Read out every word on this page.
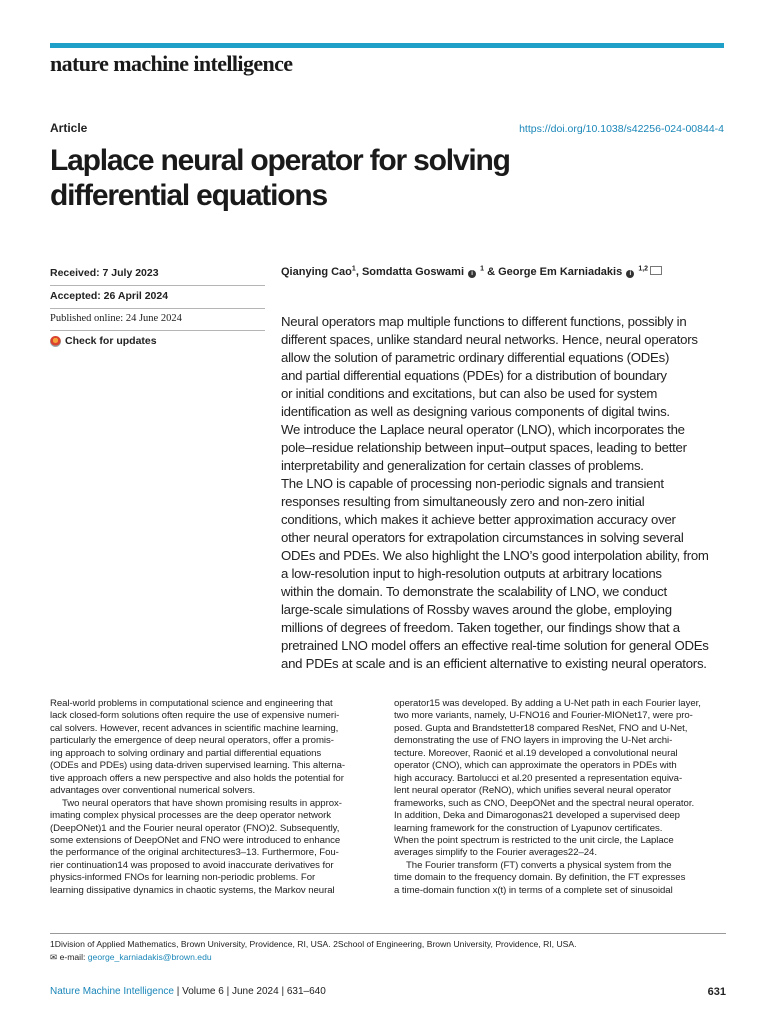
nature machine intelligence
Article	https://doi.org/10.1038/s42256-024-00844-4
Laplace neural operator for solving
differential equations
Received: 7 July 2023
Accepted: 26 April 2024
Published online: 24 June 2024
Check for updates
Qianying Cao$^1$, Somdatta Goswami i $^1$ & George Em Karniadakis i $^{1,2}$
Neural operators map multiple functions to different functions, possibly in
different spaces, unlike standard neural networks. Hence, neural operators
allow the solution of parametric ordinary differential equations (ODEs)
and partial differential equations (PDEs) for a distribution of boundary
or initial conditions and excitations, but can also be used for system
identification as well as designing various components of digital twins.
We introduce the Laplace neural operator (LNO), which incorporates the
pole–residue relationship between input–output spaces, leading to better
interpretability and generalization for certain classes of problems.
The LNO is capable of processing non-periodic signals and transient
responses resulting from simultaneously zero and non-zero initial
conditions, which makes it achieve better approximation accuracy over
other neural operators for extrapolation circumstances in solving several
ODEs and PDEs. We also highlight the LNO’s good interpolation ability, from
a low-resolution input to high-resolution outputs at arbitrary locations
within the domain. To demonstrate the scalability of LNO, we conduct
large-scale simulations of Rossby waves around the globe, employing
millions of degrees of freedom. Taken together, our findings show that a
pretrained LNO model offers an effective real-time solution for general ODEs
and PDEs at scale and is an efficient alternative to existing neural operators.
Real-world problems in computational science and engineering that
lack closed-form solutions often require the use of expensive numeri-
cal solvers. However, recent advances in scientific machine learning,
particularly the emergence of deep neural operators, offer a promis-
ing approach to solving ordinary and partial differential equations
(ODEs and PDEs) using data-driven supervised learning. This alterna-
tive approach offers a new perspective and also holds the potential for
advantages over conventional numerical solvers.
Two neural operators that have shown promising results in approx-
imating complex physical processes are the deep operator network
(DeepONet)1 and the Fourier neural operator (FNO)2. Subsequently,
some extensions of DeepONet and FNO were introduced to enhance
the performance of the original architectures3–13. Furthermore, Fou-
rier continuation14 was proposed to avoid inaccurate derivatives for
physics-informed FNOs for learning non-periodic problems. For
learning dissipative dynamics in chaotic systems, the Markov neural
operator15 was developed. By adding a U-Net path in each Fourier layer,
two more variants, namely, U-FNO16 and Fourier-MIONet17, were pro-
posed. Gupta and Brandstetter18 compared ResNet, FNO and U-Net,
demonstrating the use of FNO layers in improving the U-Net archi-
tecture. Moreover, Raonić et al.19 developed a convolutional neural
operator (CNO), which can approximate the operators in PDEs with
high accuracy. Bartolucci et al.20 presented a representation equiva-
lent neural operator (ReNO), which unifies several neural operator
frameworks, such as CNO, DeepONet and the spectral neural operator.
In addition, Deka and Dimarogonas21 developed a supervised deep
learning framework for the construction of Lyapunov certificates.
When the point spectrum is restricted to the unit circle, the Laplace
averages simplify to the Fourier averages22–24.
The Fourier transform (FT) converts a physical system from the
time domain to the frequency domain. By definition, the FT expresses
a time-domain function x(t) in terms of a complete set of sinusoidal
1Division of Applied Mathematics, Brown University, Providence, RI, USA. 2School of Engineering, Brown University, Providence, RI, USA.
✉ e-mail: george_karniadakis@brown.edu
Nature Machine Intelligence | Volume 6 | June 2024 | 631–640	631
